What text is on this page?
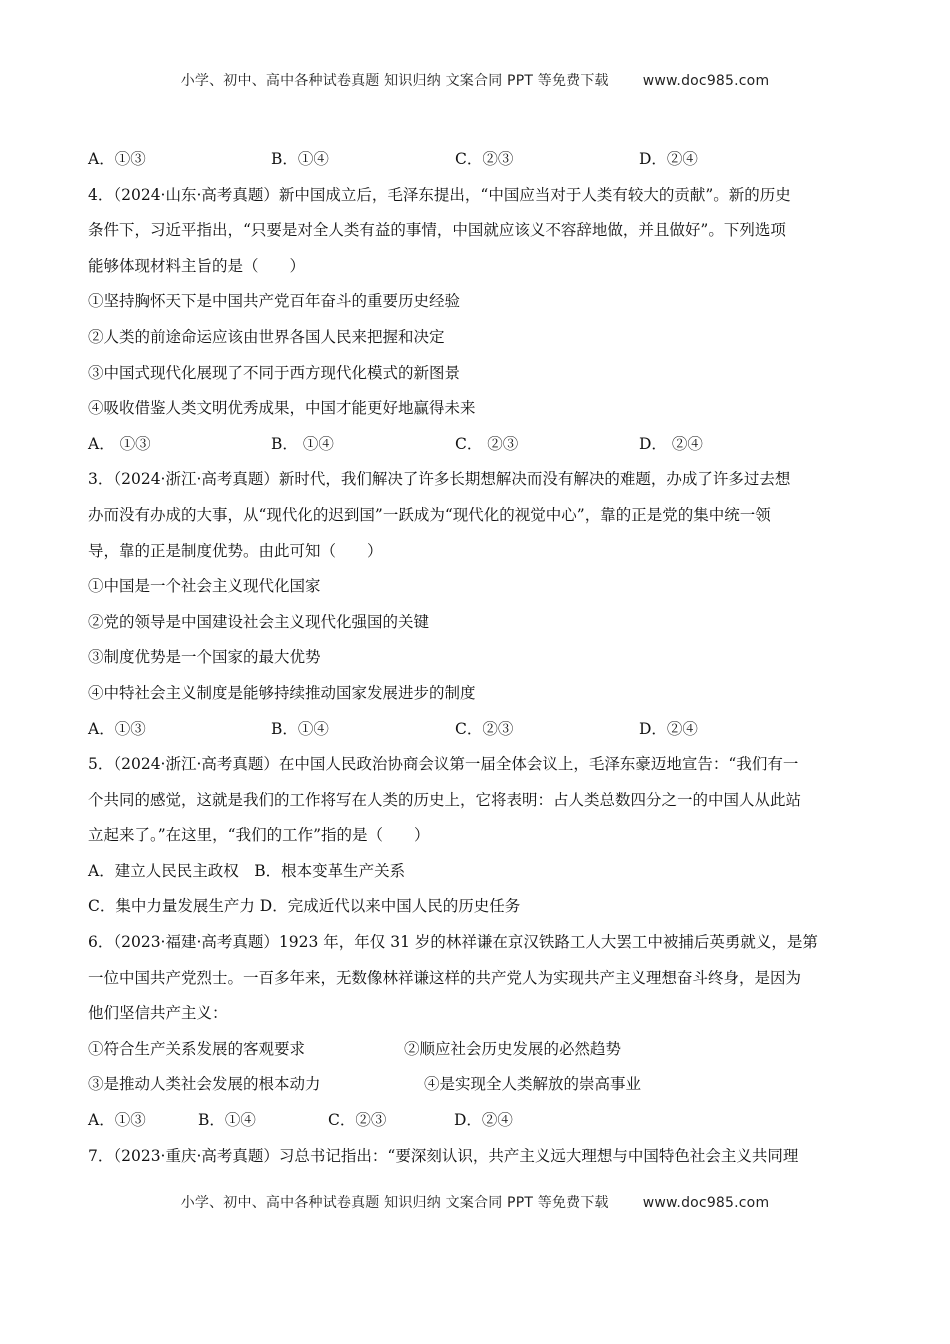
小学、初中、高中各种试卷真题 知识归纳 文案合同 PPT 等免费下载 www.doc985.com
A．①③	B．①④	C．②③	D．②④
4．（2024·山东·高考真题）新中国成立后，毛泽东提出，“中国应当对于人类有较大的贡献”。新的历史
条件下，习近平指出，“只要是对全人类有益的事情，中国就应该义不容辞地做，并且做好”。下列选项
能够体现材料主旨的是（　　）
①坚持胸怀天下是中国共产党百年奋斗的重要历史经验
②人类的前途命运应该由世界各国人民来把握和决定
③中国式现代化展现了不同于西方现代化模式的新图景
④吸收借鉴人类文明优秀成果，中国才能更好地赢得未来
A． ①③	B． ①④	C． ②③	D． ②④
3．（2024·浙江·高考真题）新时代，我们解决了许多长期想解决而没有解决的难题，办成了许多过去想
办而没有办成的大事，从“现代化的迟到国”一跃成为“现代化的视觉中心”，靠的正是党的集中统一领
导，靠的正是制度优势。由此可知（　　）
①中国是一个社会主义现代化国家
②党的领导是中国建设社会主义现代化强国的关键
③制度优势是一个国家的最大优势
④中特社会主义制度是能够持续推动国家发展进步的制度
A．①③	B．①④	C．②③	D．②④
5．（2024·浙江·高考真题）在中国人民政治协商会议第一届全体会议上，毛泽东豪迈地宣告：“我们有一
个共同的感觉，这就是我们的工作将写在人类的历史上，它将表明：占人类总数四分之一的中国人从此站
立起来了。”在这里，“我们的工作”指的是（　　）
A．建立人民民主政权　B．根本变革生产关系
C．集中力量发展生产力 D．完成近代以来中国人民的历史任务
6．（2023·福建·高考真题）1923 年，年仅 31 岁的林祥谦在京汉铁路工人大罢工中被捕后英勇就义，是第
一位中国共产党烈士。一百多年来，无数像林祥谦这样的共产党人为实现共产主义理想奋斗终身，是因为
他们坚信共产主义：
①符合生产关系发展的客观要求	②顺应社会历史发展的必然趋势
③是推动人类社会发展的根本动力	④是实现全人类解放的崇高事业
A．①③	B．①④	C．②③	D．②④
7．（2023·重庆·高考真题）习总书记指出：“要深刻认识，共产主义远大理想与中国特色社会主义共同理
小学、初中、高中各种试卷真题 知识归纳 文案合同 PPT 等免费下载 www.doc985.com
